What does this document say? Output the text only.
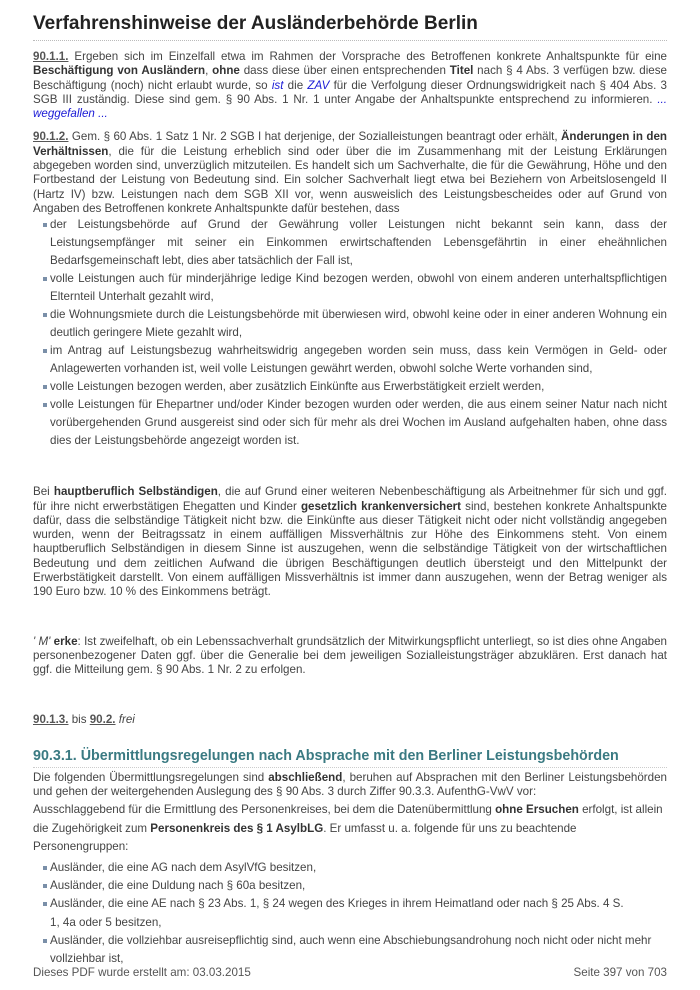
Verfahrenshinweise der Ausländerbehörde Berlin

90.1.1. Ergeben sich im Einzelfall etwa im Rahmen der Vorsprache des Betroffenen konkrete Anhaltspunkte für eine Beschäftigung von Ausländern, ohne dass diese über einen entsprechenden Titel nach § 4 Abs. 3 verfügen bzw. diese Beschäftigung (noch) nicht erlaubt wurde, so ist die ZAV für die Verfolgung dieser Ordnungswidrigkeit nach § 404 Abs. 3 SGB III zuständig. Diese sind gem. § 90 Abs. 1 Nr. 1 unter Angabe der Anhaltspunkte entsprechend zu informieren. ... weggefallen ...

90.1.2. Gem. § 60 Abs. 1 Satz 1 Nr. 2 SGB I hat derjenige, der Sozialleistungen beantragt oder erhält, Änderungen in den Verhältnissen, die für die Leistung erheblich sind oder über die im Zusammenhang mit der Leistung Erklärungen abgegeben worden sind, unverzüglich mitzuteilen. Es handelt sich um Sachverhalte, die für die Gewährung, Höhe und den Fortbestand der Leistung von Bedeutung sind. Ein solcher Sachverhalt liegt etwa bei Beziehern von Arbeitslosengeld II (Hartz IV) bzw. Leistungen nach dem SGB XII vor, wenn ausweislich des Leistungsbescheides oder auf Grund von Angaben des Betroffenen konkrete Anhaltspunkte dafür bestehen, dass

der Leistungsbehörde auf Grund der Gewährung voller Leistungen nicht bekannt sein kann, dass der Leistungsempfänger mit seiner ein Einkommen erwirtschaftenden Lebensgefährtin in einer eheähnlichen Bedarfsgemeinschaft lebt, dies aber tatsächlich der Fall ist,
volle Leistungen auch für minderjährige ledige Kind bezogen werden, obwohl von einem anderen unterhaltspflichtigen Elternteil Unterhalt gezahlt wird,
die Wohnungsmiete durch die Leistungsbehörde mit überwiesen wird, obwohl keine oder in einer anderen Wohnung ein deutlich geringere Miete gezahlt wird,
im Antrag auf Leistungsbezug wahrheitswidrig angegeben worden sein muss, dass kein Vermögen in Geld- oder Anlagewerten vorhanden ist, weil volle Leistungen gewährt werden, obwohl solche Werte vorhanden sind,
volle Leistungen bezogen werden, aber zusätzlich Einkünfte aus Erwerbstätigkeit erzielt werden,
volle Leistungen für Ehepartner und/oder Kinder bezogen wurden oder werden, die aus einem seiner Natur nach nicht vorübergehenden Grund ausgereist sind oder sich für mehr als drei Wochen im Ausland aufgehalten haben, ohne dass dies der Leistungsbehörde angezeigt worden ist.

Bei hauptberuflich Selbständigen, die auf Grund einer weiteren Nebenbeschäftigung als Arbeitnehmer für sich und ggf. für ihre nicht erwerbstätigen Ehegatten und Kinder gesetzlich krankenversichert sind, bestehen konkrete Anhaltspunkte dafür, dass die selbständige Tätigkeit nicht bzw. die Einkünfte aus dieser Tätigkeit nicht oder nicht vollständig angegeben wurden, wenn der Beitragssatz in einem auffälligen Missverhältnis zur Höhe des Einkommens steht. Von einem hauptberuflich Selbständigen in diesem Sinne ist auszugehen, wenn die selbständige Tätigkeit von der wirtschaftlichen Bedeutung und dem zeitlichen Aufwand die übrigen Beschäftigungen deutlich übersteigt und den Mittelpunkt der Erwerbstätigkeit darstellt. Von einem auffälligen Missverhältnis ist immer dann auszugehen, wenn der Betrag weniger als 190 Euro bzw. 10 % des Einkommens beträgt.

' M' erke: Ist zweifelhaft, ob ein Lebenssachverhalt grundsätzlich der Mitwirkungspflicht unterliegt, so ist dies ohne Angaben personenbezogener Daten ggf. über die Generalie bei dem jeweiligen Sozialleistungsträger abzuklären. Erst danach hat ggf. die Mitteilung gem. § 90 Abs. 1 Nr. 2 zu erfolgen.

90.1.3. bis 90.2. frei

90.3.1. Übermittlungsregelungen nach Absprache mit den Berliner Leistungsbehörden

Die folgenden Übermittlungsregelungen sind abschließend, beruhen auf Absprachen mit den Berliner Leistungsbehörden und gehen der weitergehenden Auslegung des § 90 Abs. 3 durch Ziffer 90.3.3. AufenthG-VwV vor:

Ausschlaggebend für die Ermittlung des Personenkreises, bei dem die Datenübermittlung ohne Ersuchen erfolgt, ist allein die Zugehörigkeit zum Personenkreis des § 1 AsylbLG. Er umfasst u. a. folgende für uns zu beachtende Personengruppen:

Ausländer, die eine AG nach dem AsylVfG besitzen,
Ausländer, die eine Duldung nach § 60a besitzen,
Ausländer, die eine AE nach § 23 Abs. 1, § 24 wegen des Krieges in ihrem Heimatland oder nach § 25 Abs. 4 S. 1, 4a oder 5 besitzen,
Ausländer, die vollziehbar ausreisepflichtig sind, auch wenn eine Abschiebungsandrohung noch nicht oder nicht mehr vollziehbar ist,
Dieses PDF wurde erstellt am: 03.03.2015	Seite 397 von 703
